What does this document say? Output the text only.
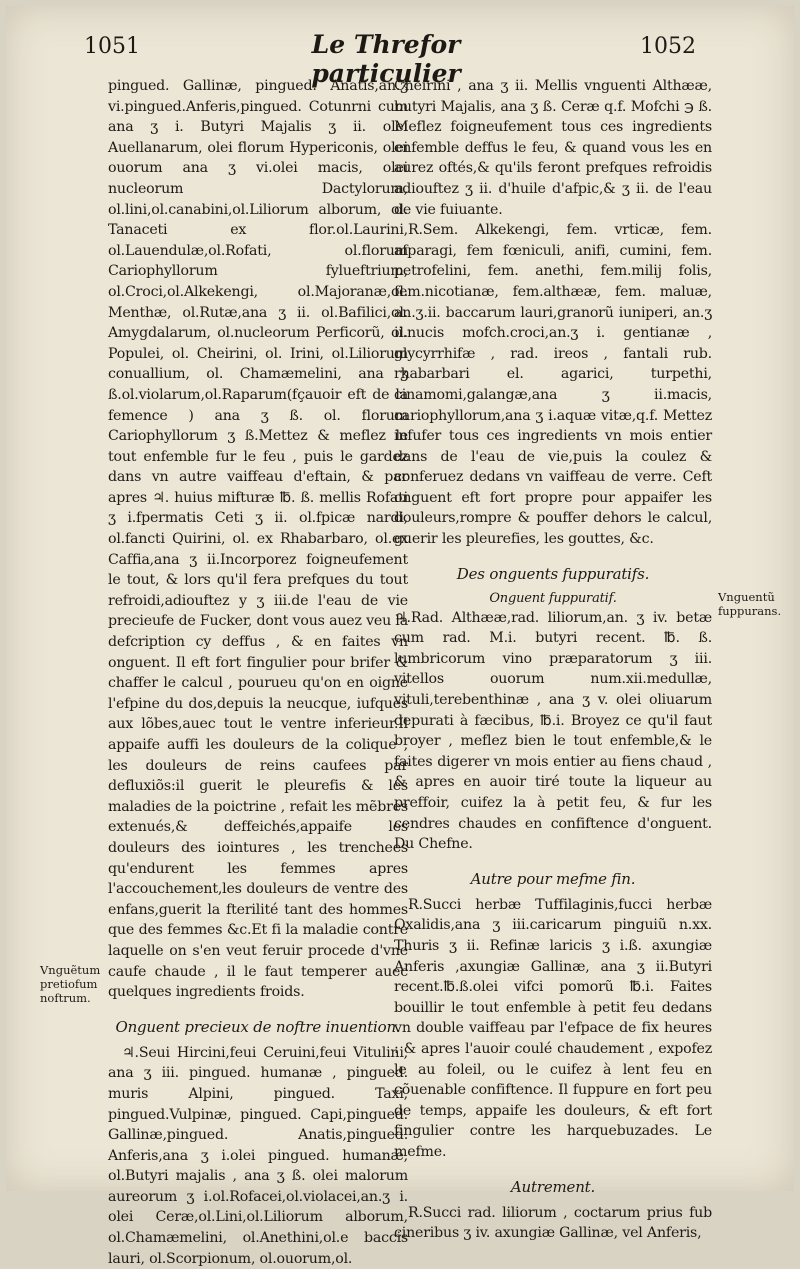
1051	Le Threfor particulier
1052

pingued. Gallinæ, pingued. Anatis,an.ʒ vi.pingued.Anferis,pingued. Cotunrni cum ana ʒ i. Butyri Majalis ʒ ii. olei Auellanarum, olei florum Hypericonis, olei ouorum ana ʒ vi.olei macis, olei nucleorum Dactylorum, ol.lini,ol.canabini,ol.Liliorum alborum, ol. Tanaceti ex flor.ol.Laurini, ol.Lauendulæ,ol.Rofati, ol.florum Cariophyllorum fylueftrium, ol.Croci,ol.Alkekengi, ol.Majoranæ,ol. Menthæ, ol.Rutæ,ana ʒ ii. ol.Bafilici,ol. Amygdalarum, ol.nucleorum Perficorũ, ol. Populei, ol. Cheirini, ol. Irini, ol.Liliorum conuallium, ol. Chamæmelini, ana ʒ ß.ol.violarum,ol.Raparum(fçauoir eft de la femence ) ana ʒ ß. ol. florum Cariophyllorum ʒ ß.Mettez & meflez le tout enfemble fur le feu , puis le gardez dans vn autre vaiffeau d'eftain, & par apres ♃. huius mifturæ ℔. ß. mellis Rofati ʒ i.fpermatis Ceti ʒ ii. ol.fpicæ nardi, ol.fancti Quirini, ol. ex Rhabarbaro, ol.ex Caffia,ana ʒ ii.Incorporez foigneufement le tout, & lors qu'il fera prefques du tout refroidi,adiouftez y ʒ iii.de l'eau de vie precieufe de Fucker, dont vous auez veu la defcription cy deffus , & en faites vn onguent. Il eft fort fingulier pour brifer & chaffer le calcul , pourueu qu'on en oigne l'efpine du dos,depuis la neucque, iufques aux lõbes,auec tout le ventre inferieur.Il appaife auffi les douleurs de la colique , les douleurs de reins caufees par defluxiõs:il guerit le pleurefis & les maladies de la poictrine , refait les mẽbres extenués,& deffeichés,appaife les douleurs des iointures , les trenchees qu'endurent les femmes apres l'accouchement,les douleurs de ventre des enfans,guerit la fterilité tant des hommes que des femmes &c.Et fi la maladie contre laquelle on s'en veut feruir procede d'vne caufe chaude , il le faut temperer auec quelques ingredients froids.

Onguent precieux de noftre inuention.

♃.Seui Hircini,feui Ceruini,feui Vitulini, ana ʒ iii. pingued. humanæ , pingued. muris Alpini, pingued. Taxi, pingued.Vulpinæ, pingued. Capi,pingued. Gallinæ,pingued. Anatis,pingued. Anferis,ana ʒ i.olei pingued. humanæ, ol.Butyri majalis , ana ʒ ß. olei malorum aureorum ʒ i.ol.Rofacei,ol.violacei,an.ʒ i. olei Ceræ,ol.Lini,ol.Liliorum alborum, ol.Chamæmelini, ol.Anethini,ol.e baccis lauri, ol.Scorpionum, ol.ouorum,ol.

Cheirini , ana ʒ ii. Mellis vnguenti Althææ, butyri Majalis, ana ʒ ß. Ceræ q.f. Mofchi ℈ ß. Meflez foigneufement tous ces ingredients enfemble deffus le feu, & quand vous les en aurez oftés,& qu'ils feront prefques refroidis adiouftez ʒ ii. d'huile d'afpic,& ʒ ii. de l'eau de vie fuiuante.

R.Sem. Alkekengi, fem. vrticæ, fem. afparagi, fem fœniculi, anifi, cumini, fem. petrofelini, fem. anethi, fem.milij folis, fem.nicotianæ, fem.althææ, fem. maluæ, an.ʒ.ii. baccarum lauri,granorũ iuniperi, an.ʒ ii.nucis mofch.croci,an.ʒ i. gentianæ , glycyrrhifæ , rad. ireos , fantali rub. rhabarbari el. agarici, turpethi, cinamomi,galangæ,ana ʒ ii.macis, cariophyllorum,ana ʒ i.aquæ vitæ,q.f. Mettez infufer tous ces ingredients vn mois entier dans de l'eau de vie,puis la coulez & conferuez dedans vn vaiffeau de verre. Ceft onguent eft fort propre pour appaifer les douleurs,rompre & pouffer dehors le calcul, guerir les pleurefies, les gouttes, &c.

Des onguents fuppuratifs.
Onguent fuppuratif.

♃.Rad. Althææ,rad. liliorum,an. ʒ iv. betæ cum rad. M.i. butyri recent. ℔. ß. lumbricorum vino præparatorum ʒ iii. vitellos ouorum num.xii.medullæ, vituli,terebenthinæ , ana ʒ v. olei oliuarum depurati à fæcibus, ℔.i. Broyez ce qu'il faut broyer , meflez bien le tout enfemble,& le faites digerer vn mois entier au fiens chaud , & apres en auoir tiré toute la liqueur au preffoir, cuifez la à petit feu, & fur les cendres chaudes en confiftence d'onguent. Du Chefne.

Autre pour mefme fin.

R.Succi herbæ Tuffilaginis,fucci herbæ Oxalidis,ana ʒ iii.caricarum pinguiũ n.xx. Thuris ʒ ii. Refinæ laricis ʒ i.ß. axungiæ Anferis ,axungiæ Gallinæ, ana ʒ ii.Butyri recent.℔.ß.olei vifci pomorũ ℔.i. Faites bouillir le tout enfemble à petit feu dedans vn double vaiffeau par l'efpace de fix heures : & apres l'auoir coulé chaudement , expofez le au foleil, ou le cuifez à lent feu en cõuenable confiftence. Il fuppure en fort peu de temps, appaife les douleurs, & eft fort fingulier contre les harquebuzades. Le mefme.

Autrement.

R.Succi rad. liliorum , coctarum prius fub cineribus ʒ iv. axungiæ Gallinæ, vel Anferis,

Vnguẽtum pretiofum noftrum.
Vnguentũ fuppurans.
